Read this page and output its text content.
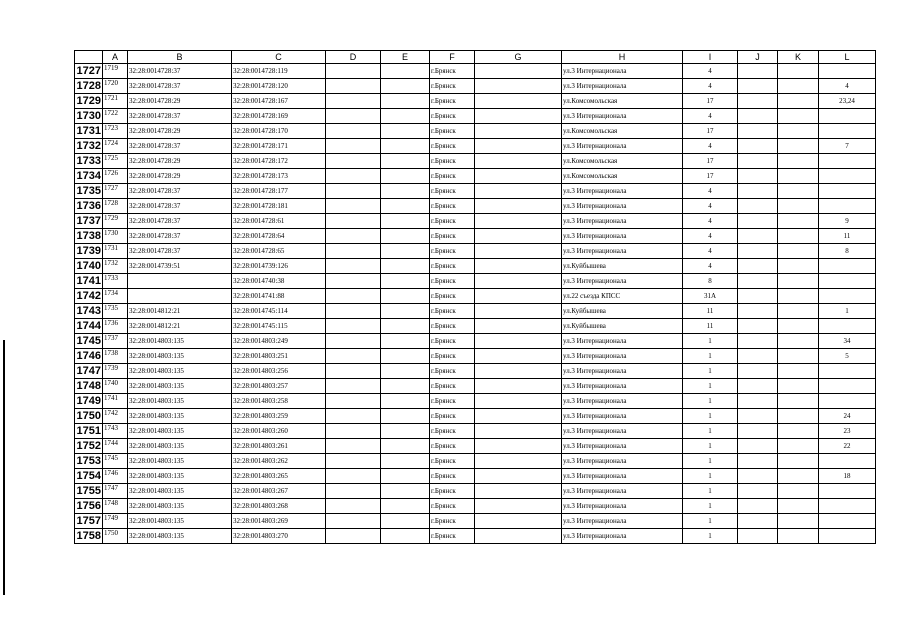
	A	B	C	D	E	F	G	H	I	J	K	L
1727	1719	32:28:0014728:37	32:28:0014728:119			г.Брянск		ул.3 Интернационала	4			
1728	1720	32:28:0014728:37	32:28:0014728:120			г.Брянск		ул.3 Интернационала	4			4
1729	1721	32:28:0014728:29	32:28:0014728:167			г.Брянск		ул.Комсомольская	17			23,24
1730	1722	32:28:0014728:37	32:28:0014728:169			г.Брянск		ул.3 Интернационала	4			
1731	1723	32:28:0014728:29	32:28:0014728:170			г.Брянск		ул.Комсомольская	17			
1732	1724	32:28:0014728:37	32:28:0014728:171			г.Брянск		ул.3 Интернационала	4			7
1733	1725	32:28:0014728:29	32:28:0014728:172			г.Брянск		ул.Комсомольская	17			
1734	1726	32:28:0014728:29	32:28:0014728:173			г.Брянск		ул.Комсомольская	17			
1735	1727	32:28:0014728:37	32:28:0014728:177			г.Брянск		ул.3 Интернационала	4			
1736	1728	32:28:0014728:37	32:28:0014728:181			г.Брянск		ул.3 Интернационала	4			
1737	1729	32:28:0014728:37	32:28:0014728:61			г.Брянск		ул.3 Интернационала	4			9
1738	1730	32:28:0014728:37	32:28:0014728:64			г.Брянск		ул.3 Интернационала	4			11
1739	1731	32:28:0014728:37	32:28:0014728:65			г.Брянск		ул.3 Интернационала	4			8
1740	1732	32:28:0014739:51	32:28:0014739:126			г.Брянск		ул.Куйбышева	4			
1741	1733		32:28:0014740:38			г.Брянск		ул.3 Интернационала	8			
1742	1734		32:28:0014741:88			г.Брянск		ул.22 съезда КПСС	31А			
1743	1735	32:28:0014812:21	32:28:0014745:114			г.Брянск		ул.Куйбышева	11			1
1744	1736	32:28:0014812:21	32:28:0014745:115			г.Брянск		ул.Куйбышева	11			
1745	1737	32:28:0014803:135	32:28:0014803:249			г.Брянск		ул.3 Интернационала	1			34
1746	1738	32:28:0014803:135	32:28:0014803:251			г.Брянск		ул.3 Интернационала	1			5
1747	1739	32:28:0014803:135	32:28:0014803:256			г.Брянск		ул.3 Интернационала	1			
1748	1740	32:28:0014803:135	32:28:0014803:257			г.Брянск		ул.3 Интернационала	1			
1749	1741	32:28:0014803:135	32:28:0014803:258			г.Брянск		ул.3 Интернационала	1			
1750	1742	32:28:0014803:135	32:28:0014803:259			г.Брянск		ул.3 Интернационала	1			24
1751	1743	32:28:0014803:135	32:28:0014803:260			г.Брянск		ул.3 Интернационала	1			23
1752	1744	32:28:0014803:135	32:28:0014803:261			г.Брянск		ул.3 Интернационала	1			22
1753	1745	32:28:0014803:135	32:28:0014803:262			г.Брянск		ул.3 Интернационала	1			
1754	1746	32:28:0014803:135	32:28:0014803:265			г.Брянск		ул.3 Интернационала	1			18
1755	1747	32:28:0014803:135	32:28:0014803:267			г.Брянск		ул.3 Интернационала	1			
1756	1748	32:28:0014803:135	32:28:0014803:268			г.Брянск		ул.3 Интернационала	1			
1757	1749	32:28:0014803:135	32:28:0014803:269			г.Брянск		ул.3 Интернационала	1			
1758	1750	32:28:0014803:135	32:28:0014803:270			г.Брянск		ул.3 Интернационала	1			
